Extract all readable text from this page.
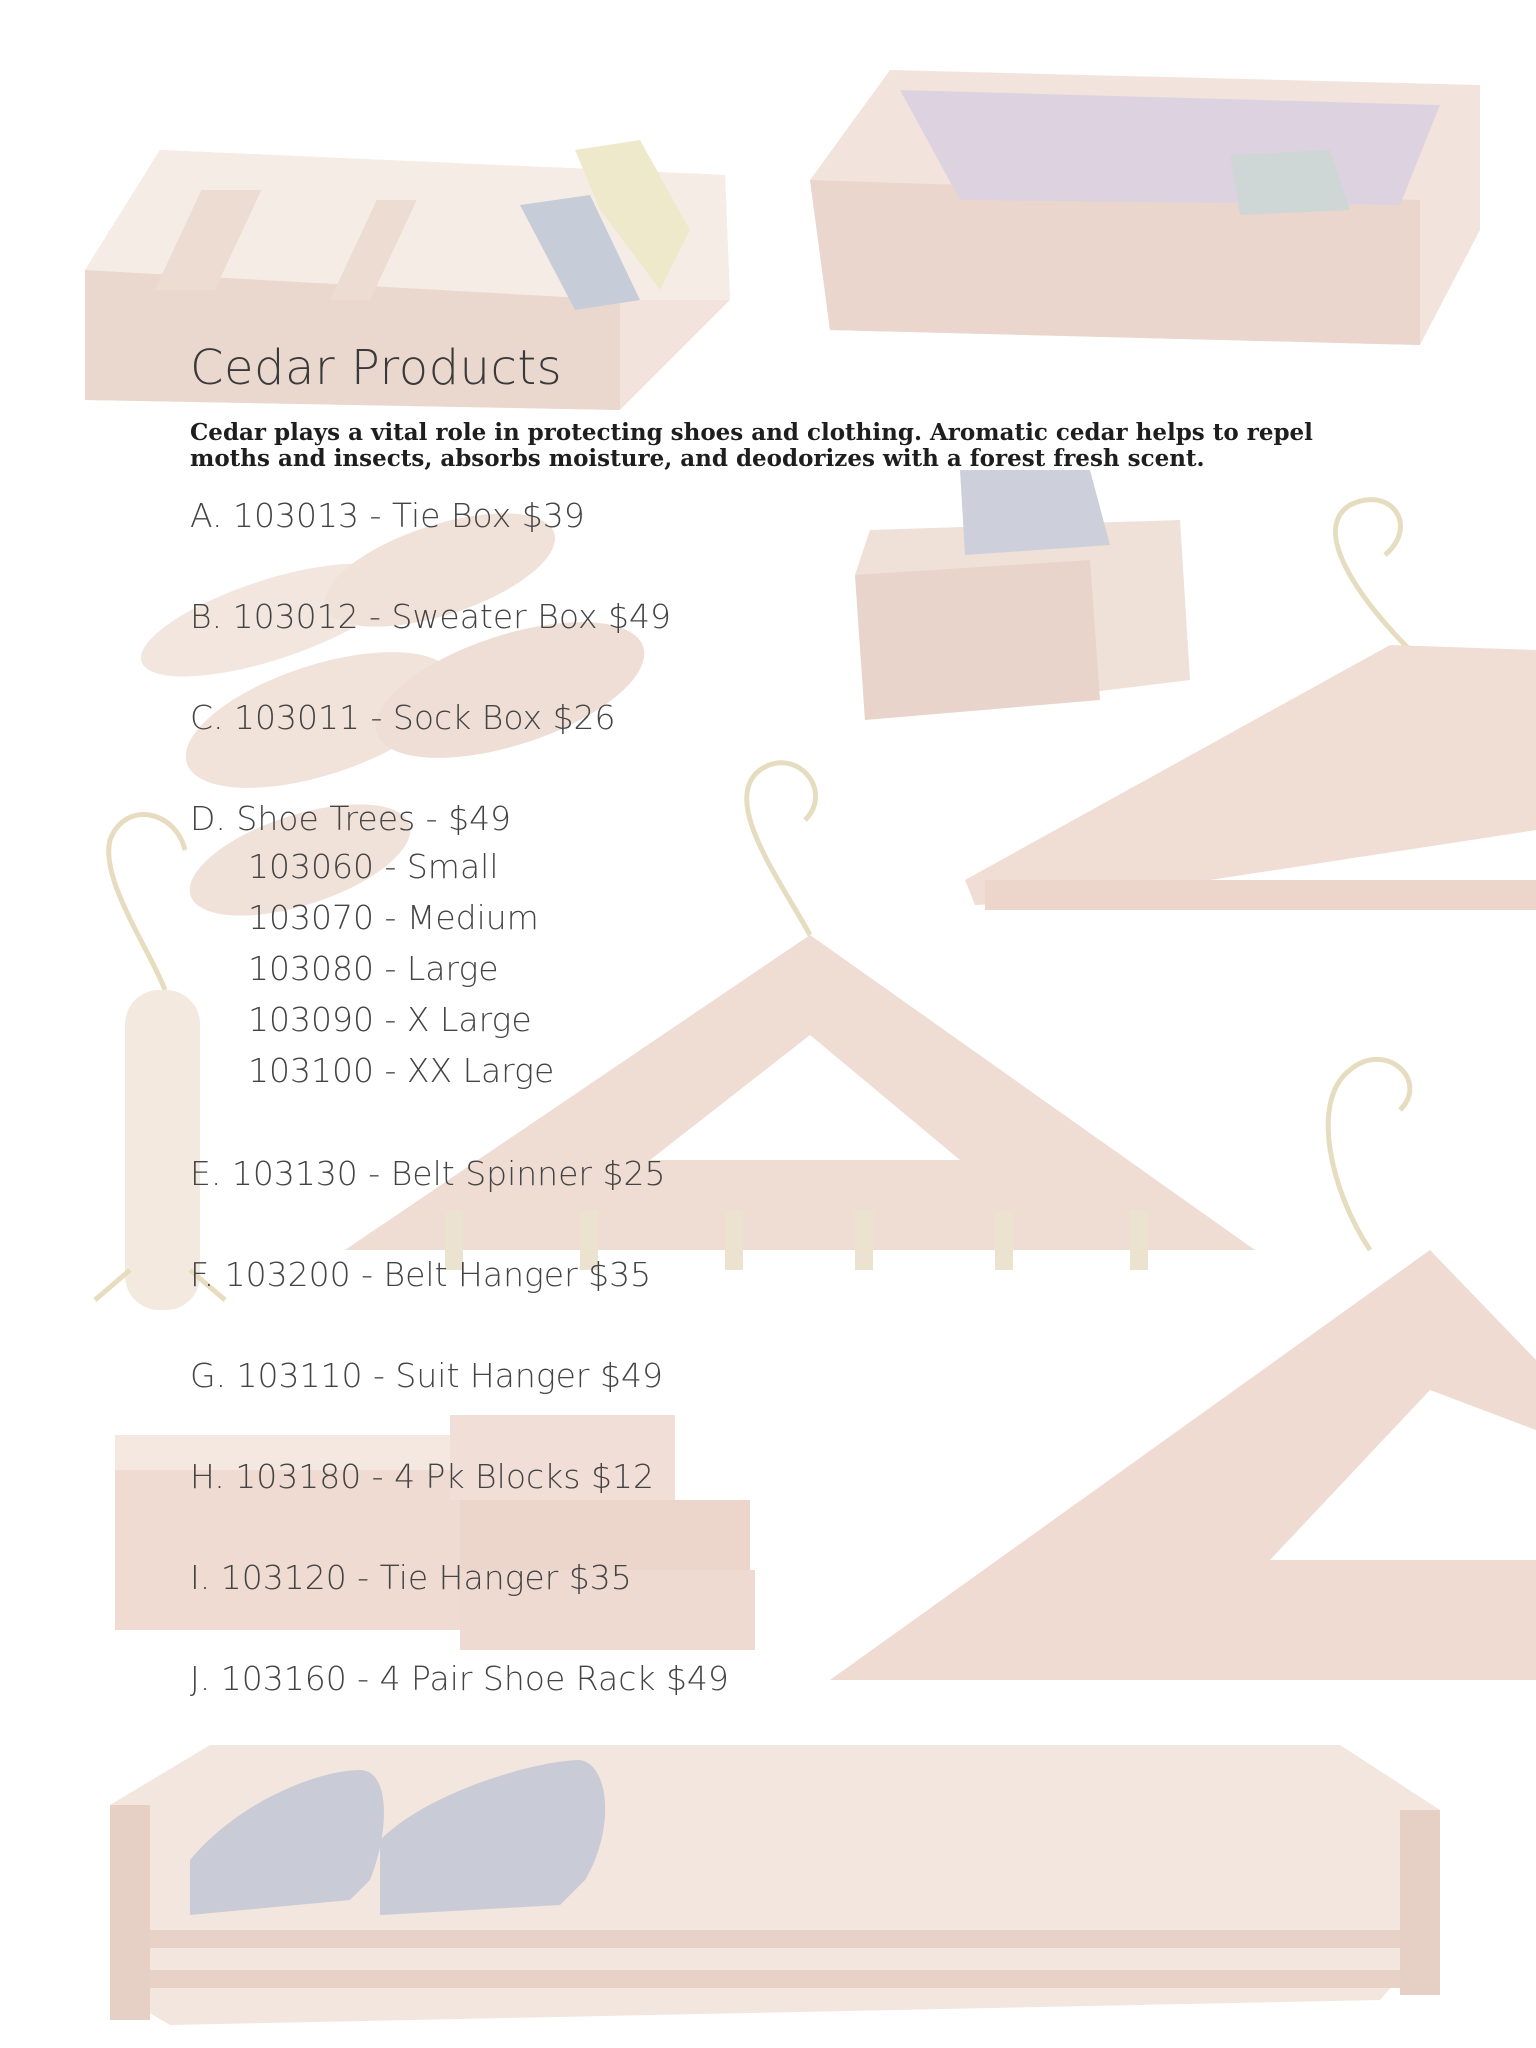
Cedar Products

Cedar plays a vital role in protecting shoes and clothing. Aromatic cedar helps to repel moths and insects, absorbs moisture, and deodorizes with a forest fresh scent.

A. 103013 - Tie Box $39
B. 103012 - Sweater Box $49
C. 103011 - Sock Box $26
D. Shoe Trees - $49
103060 - Small
103070 - Medium
103080 - Large
103090 - X Large
103100 - XX Large
E. 103130 - Belt Spinner $25
F. 103200 - Belt Hanger $35
G. 103110 - Suit Hanger $49
H. 103180 - 4 Pk Blocks $12
I. 103120 - Tie Hanger $35
J. 103160 - 4 Pair Shoe Rack $49
